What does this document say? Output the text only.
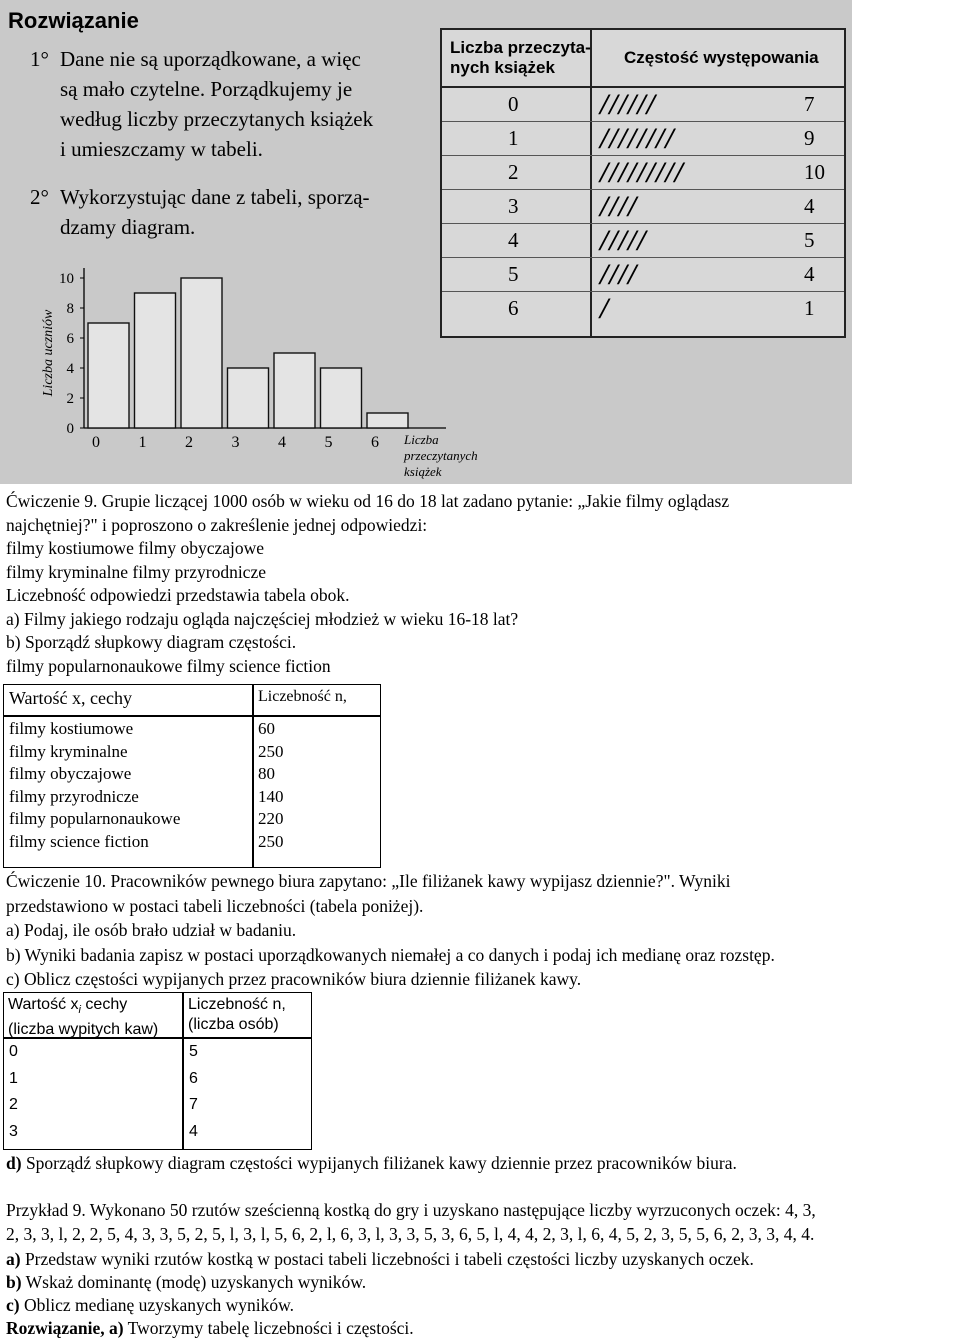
Rozwiązanie
1° Dane nie są uporządkowane, a więc
są mało czytelne. Porządkujemy je
według liczby przeczytanych książek
i umieszczamy w tabeli.
2° Wykorzystując dane z tabeli, sporzą-
dzamy diagram.
Liczba przeczyta-
nych książek
Częstość występowania
0	//////	7
1	////////	9
2	/////////	10
3	////	4
4	/////	5
5	////	4
6	/	1
Liczba uczniów
0
2
4
6
8
10
0 1 2 3 4 5 6 Liczba
przeczytanych
książek
Ćwiczenie 9. Grupie liczącej 1000 osób w wieku od 16 do 18 lat zadano pytanie: „Jakie filmy oglądasz
najchętniej?" i poproszono o zakreślenie jednej odpowiedzi:
filmy kostiumowe filmy obyczajowe
filmy kryminalne filmy przyrodnicze
Liczebność odpowiedzi przedstawia tabela obok.
a) Filmy jakiego rodzaju ogląda najczęściej młodzież w wieku 16-18 lat?
b) Sporządź słupkowy diagram częstości.
filmy popularnonaukowe filmy science fiction
Wartość x, cechy	Liczebność n,
filmy kostiumowe	60
filmy kryminalne	250
filmy obyczajowe	80
filmy przyrodnicze	140
filmy popularnonaukowe	220
filmy science fiction	250
Ćwiczenie 10. Pracowników pewnego biura zapytano: „Ile filiżanek kawy wypijasz dziennie?". Wyniki
przedstawiono w postaci tabeli liczebności (tabela poniżej).
a) Podaj, ile osób brało udział w badaniu.
b) Wyniki badania zapisz w postaci uporządkowanych niemałej a co danych i podaj ich medianę oraz rozstęp.
c) Oblicz częstości wypijanych przez pracowników biura dziennie filiżanek kawy.
Wartość $x_i$ cechy
(liczba wypitych kaw)
Liczebność n,
(liczba osób)
0	5
1	6
2	7
3	4
d) Sporządź słupkowy diagram częstości wypijanych filiżanek kawy dziennie przez pracowników biura.
Przykład 9. Wykonano 50 rzutów sześcienną kostką do gry i uzyskano następujące liczby wyrzuconych oczek: 4, 3,
2, 3, 3, l, 2, 2, 5, 4, 3, 3, 5, 2, 5, l, 3, l, 5, 6, 2, l, 6, 3, l, 3, 3, 5, 3, 6, 5, l, 4, 4, 2, 3, l, 6, 4, 5, 2, 3, 5, 5, 6, 2, 3, 3, 4, 4.
a) Przedstaw wyniki rzutów kostką w postaci tabeli liczebności i tabeli częstości liczby uzyskanych oczek.
b) Wskaż dominantę (modę) uzyskanych wyników.
c) Oblicz medianę uzyskanych wyników.
Rozwiązanie, a) Tworzymy tabelę liczebności i częstości.
